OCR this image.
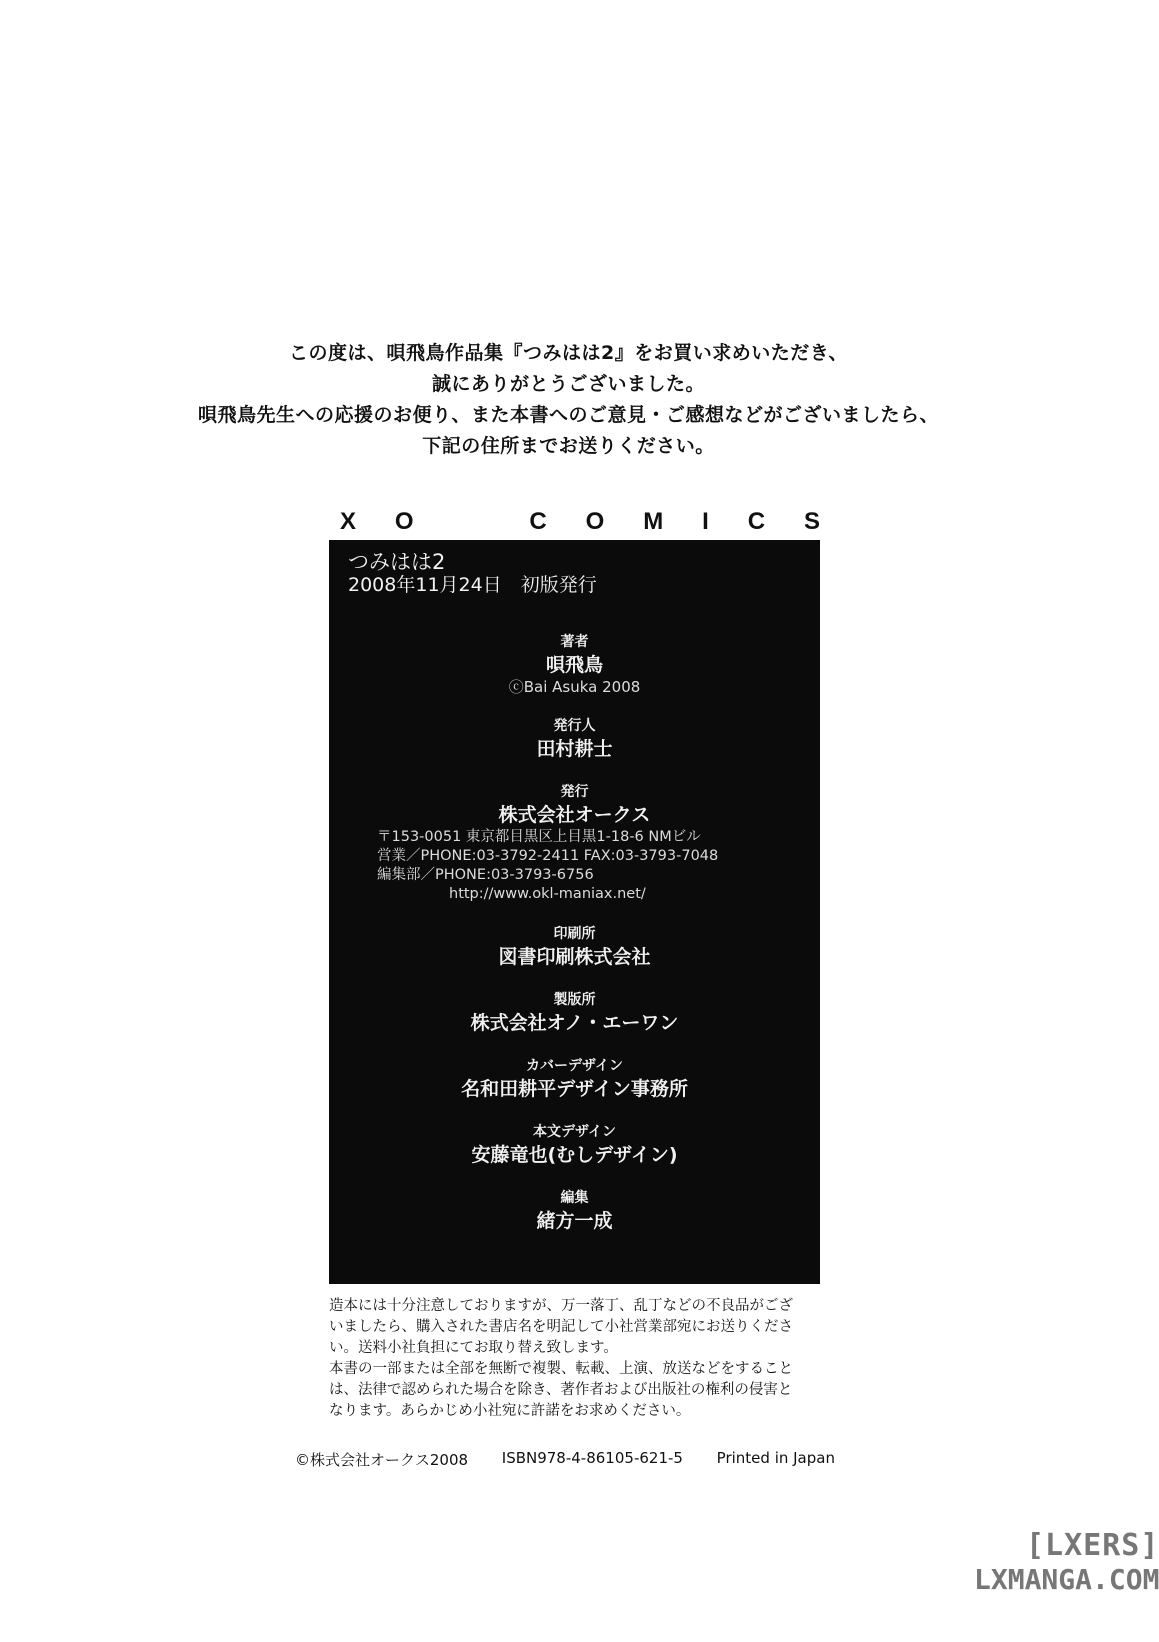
この度は、唄飛鳥作品集『つみはは2』をお買い求めいただき、
誠にありがとうございました。
唄飛鳥先生への応援のお便り、また本書へのご意見・ご感想などがございましたら、
下記の住所までお送りください。
X O	C O M I C S
つみはは2
2008年11月24日　初版発行
著者
唄飛鳥
ⓒBai Asuka 2008
発行人
田村耕士
発行
株式会社オークス
〒153-0051 東京都目黒区上目黒1-18-6 NMビル
営業／PHONE:03-3792-2411 FAX:03-3793-7048
編集部／PHONE:03-3793-6756
http://www.okl-maniax.net/
印刷所
図書印刷株式会社
製版所
株式会社オノ・エーワン
カバーデザイン
名和田耕平デザイン事務所
本文デザイン
安藤竜也(むしデザイン)
編集
緒方一成
造本には十分注意しておりますが、万一落丁、乱丁などの不良品がござ
いましたら、購入された書店名を明記して小社営業部宛にお送りくださ
い。送料小社負担にてお取り替え致します。
本書の一部または全部を無断で複製、転載、上演、放送などをすること
は、法律で認められた場合を除き、著作者および出版社の権利の侵害と
なります。あらかじめ小社宛に許諾をお求めください。
©株式会社オークス2008 ISBN978-4-86105-621-5 Printed in Japan
[LXERS]
LXMANGA.COM
